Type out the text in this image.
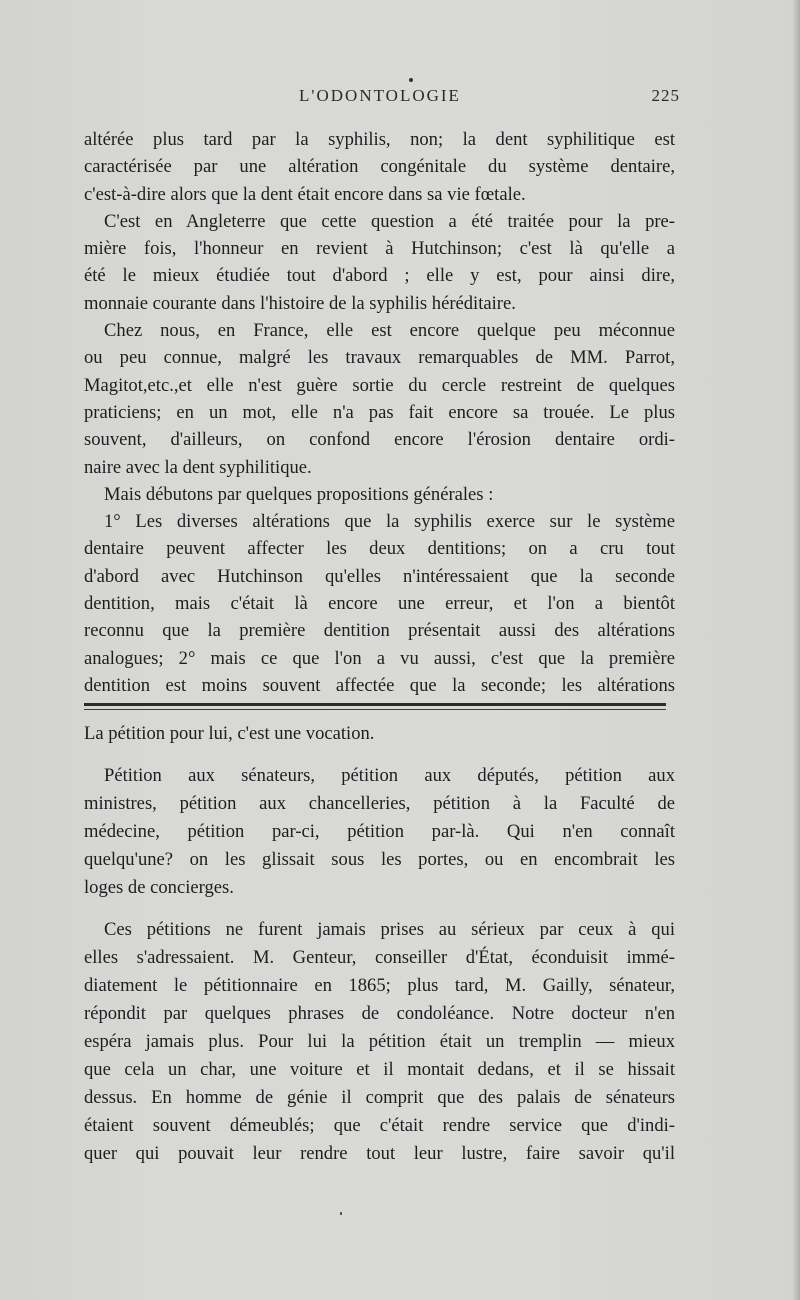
L'ODONTOLOGIE	225
altérée plus tard par la syphilis, non; la dent syphilitique est
caractérisée par une altération congénitale du système dentaire,
c'est-à-dire alors que la dent était encore dans sa vie fœtale.
C'est en Angleterre que cette question a été traitée pour la pre-
mière fois, l'honneur en revient à Hutchinson; c'est là qu'elle a
été le mieux étudiée tout d'abord ; elle y est, pour ainsi dire,
monnaie courante dans l'histoire de la syphilis héréditaire.
Chez nous, en France, elle est encore quelque peu méconnue
ou peu connue, malgré les travaux remarquables de MM. Parrot,
Magitot,etc.,et elle n'est guère sortie du cercle restreint de quelques
praticiens; en un mot, elle n'a pas fait encore sa trouée. Le plus
souvent, d'ailleurs, on confond encore l'érosion dentaire ordi-
naire avec la dent syphilitique.
Mais débutons par quelques propositions générales :
1° Les diverses altérations que la syphilis exerce sur le système
dentaire peuvent affecter les deux dentitions; on a cru tout
d'abord avec Hutchinson qu'elles n'intéressaient que la seconde
dentition, mais c'était là encore une erreur, et l'on a bientôt
reconnu que la première dentition présentait aussi des altérations
analogues; 2° mais ce que l'on a vu aussi, c'est que la première
dentition est moins souvent affectée que la seconde; les altérations
La pétition pour lui, c'est une vocation.
Pétition aux sénateurs, pétition aux députés, pétition aux
ministres, pétition aux chancelleries, pétition à la Faculté de
médecine, pétition par-ci, pétition par-là. Qui n'en connaît
quelqu'une? on les glissait sous les portes, ou en encombrait les
loges de concierges.
Ces pétitions ne furent jamais prises au sérieux par ceux à qui
elles s'adressaient. M. Genteur, conseiller d'État, éconduisit immé-
diatement le pétitionnaire en 1865; plus tard, M. Gailly, sénateur,
répondit par quelques phrases de condoléance. Notre docteur n'en
espéra jamais plus. Pour lui la pétition était un tremplin — mieux
que cela un char, une voiture et il montait dedans, et il se hissait
dessus. En homme de génie il comprit que des palais de sénateurs
étaient souvent démeublés; que c'était rendre service que d'indi-
quer qui pouvait leur rendre tout leur lustre, faire savoir qu'il
